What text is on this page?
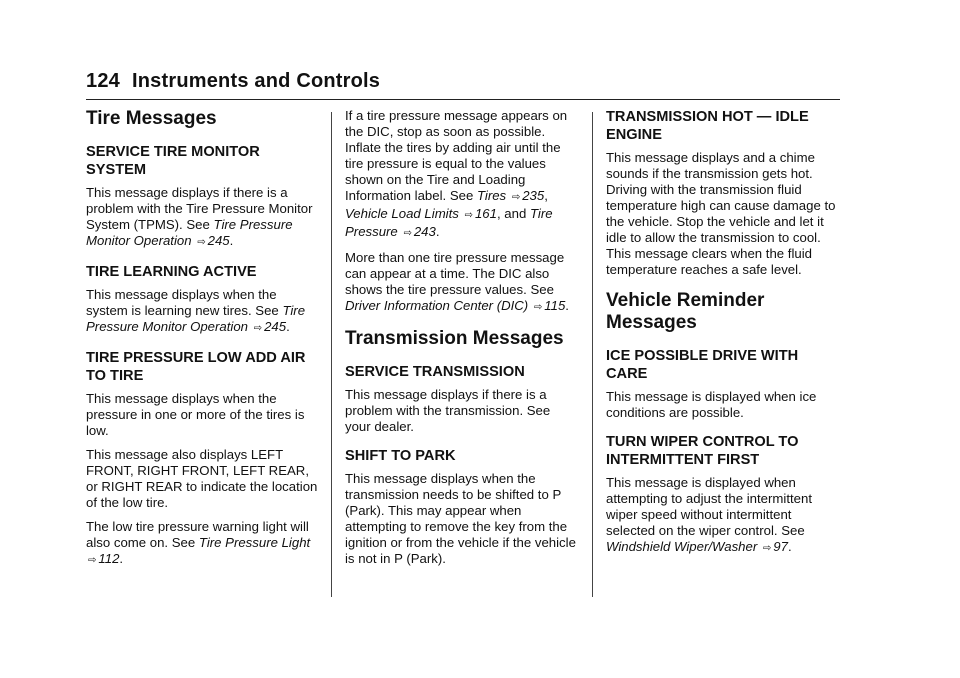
124 Instruments and Controls
Tire Messages
SERVICE TIRE MONITOR SYSTEM

This message displays if there is a problem with the Tire Pressure Monitor System (TPMS). See Tire Pressure Monitor Operation ⇨ 245.

TIRE LEARNING ACTIVE

This message displays when the system is learning new tires. See Tire Pressure Monitor Operation ⇨ 245.

TIRE PRESSURE LOW ADD AIR TO TIRE

This message displays when the pressure in one or more of the tires is low.

This message also displays LEFT FRONT, RIGHT FRONT, LEFT REAR, or RIGHT REAR to indicate the location of the low tire.

The low tire pressure warning light will also come on. See Tire Pressure Light ⇨ 112.

If a tire pressure message appears on the DIC, stop as soon as possible. Inflate the tires by adding air until the tire pressure is equal to the values shown on the Tire and Loading Information label. See Tires ⇨ 235, Vehicle Load Limits ⇨ 161, and Tire Pressure ⇨ 243.

More than one tire pressure message can appear at a time. The DIC also shows the tire pressure values. See Driver Information Center (DIC) ⇨ 115.

Transmission Messages
SERVICE TRANSMISSION

This message displays if there is a problem with the transmission. See your dealer.

SHIFT TO PARK

This message displays when the transmission needs to be shifted to P (Park). This may appear when attempting to remove the key from the ignition or from the vehicle if the vehicle is not in P (Park).

TRANSMISSION HOT — IDLE ENGINE

This message displays and a chime sounds if the transmission gets hot. Driving with the transmission fluid temperature high can cause damage to the vehicle. Stop the vehicle and let it idle to allow the transmission to cool. This message clears when the fluid temperature reaches a safe level.

Vehicle Reminder Messages
ICE POSSIBLE DRIVE WITH CARE

This message is displayed when ice conditions are possible.

TURN WIPER CONTROL TO INTERMITTENT FIRST

This message is displayed when attempting to adjust the intermittent wiper speed without intermittent selected on the wiper control. See Windshield Wiper/Washer ⇨ 97.
